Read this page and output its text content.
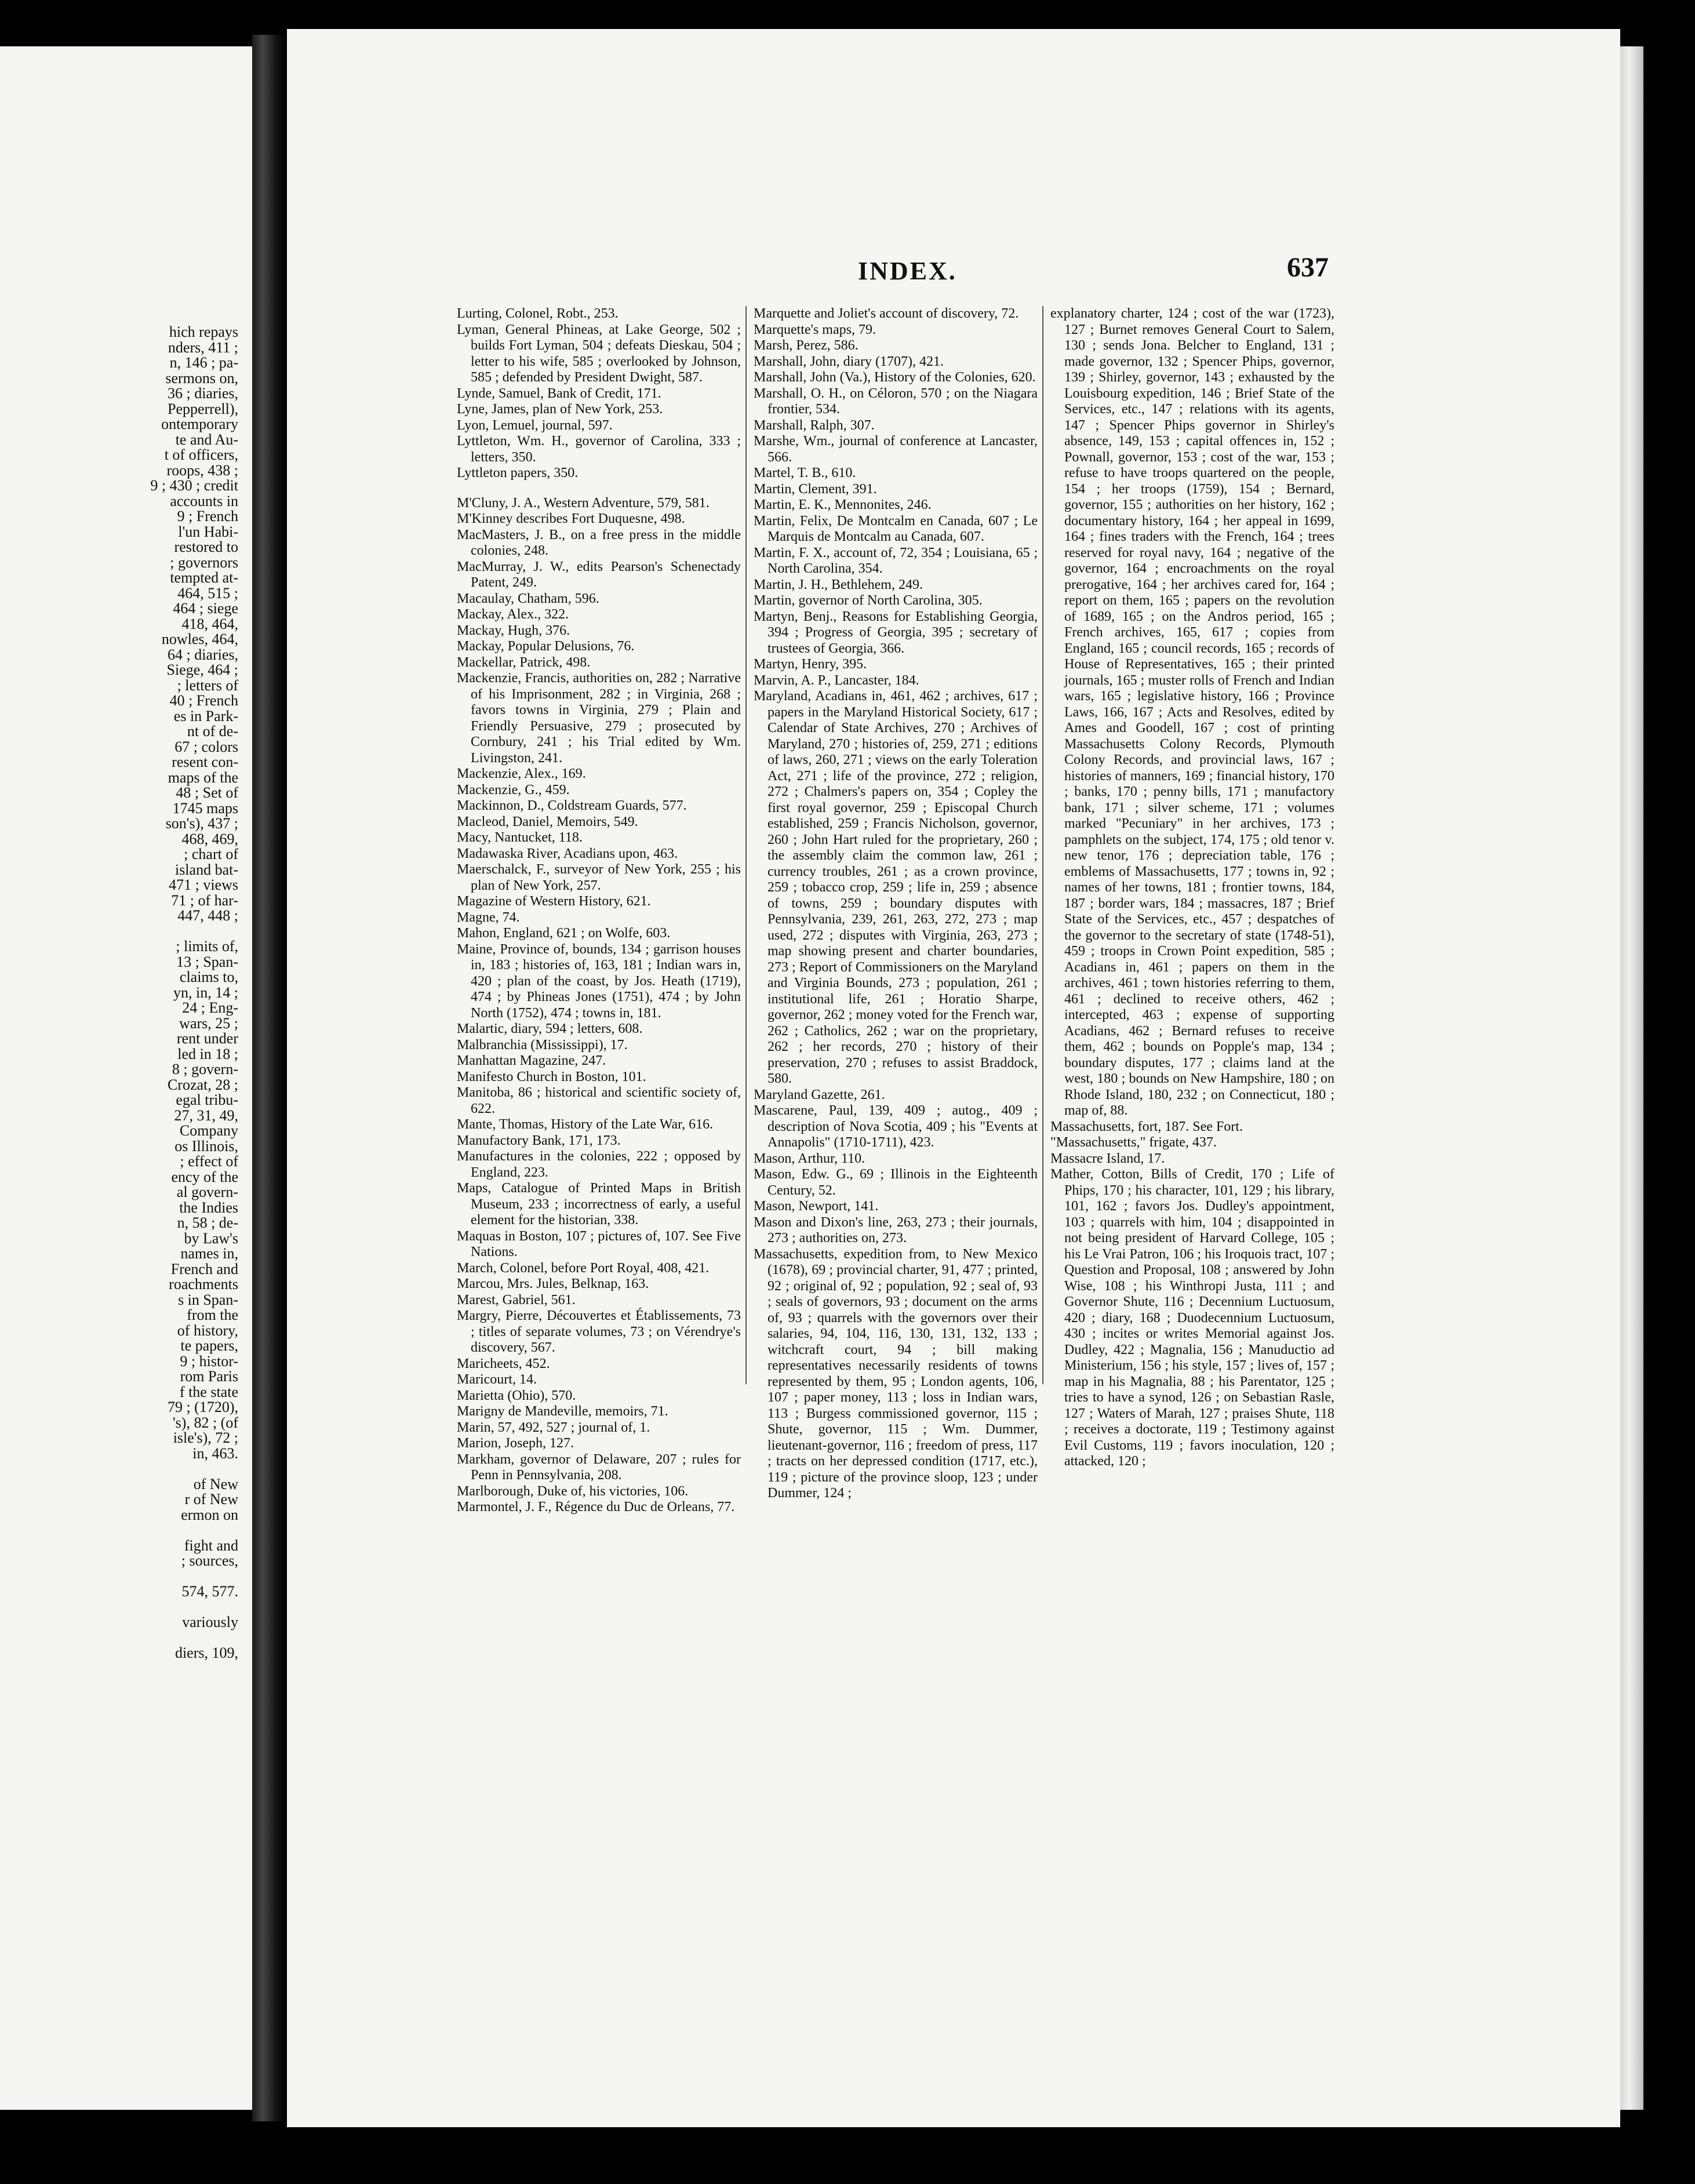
hich repays
nders, 411 ;
n, 146 ; pa-
sermons on,
36 ; diaries,
Pepperrell),
ontemporary
te and Au-
t of officers,
roops, 438 ;
9 ; 430 ; credit
accounts in
9 ; French
l'un Habi-
restored to
; governors
tempted at-
464, 515 ;
464 ; siege
418, 464,
nowles, 464,
64 ; diaries,
Siege, 464 ;
; letters of
40 ; French
es in Park-
nt of de-
67 ; colors
resent con-
maps of the
48 ; Set of
1745 maps
son's), 437 ;
468, 469,
; chart of
island bat-
471 ; views
71 ; of har-
447, 448 ;
; limits of,
13 ; Span-
claims to,
yn, in, 14 ;
24 ; Eng-
wars, 25 ;
rent under
led in 18 ;
8 ; govern-
Crozat, 28 ;
egal tribu-
27, 31, 49,
Company
os Illinois,
; effect of
ency of the
al govern-
the Indies
n, 58 ; de-
by Law's
names in,
French and
roachments
s in Span-
from the
of history,
te papers,
9 ; histor-
rom Paris
f the state
79 ; (1720),
's), 82 ; (of
isle's), 72 ;
in, 463.
of New
r of New
ermon on
fight and
; sources,
574, 577.
variously
diers, 109,
INDEX.	637

Lurting, Colonel, Robt., 253.

Lyman, General Phineas, at Lake George, 502 ; builds Fort Lyman, 504 ; defeats Dieskau, 504 ; letter to his wife, 585 ; overlooked by Johnson, 585 ; defended by President Dwight, 587.

Lynde, Samuel, Bank of Credit, 171.

Lyne, James, plan of New York, 253.

Lyon, Lemuel, journal, 597.

Lyttleton, Wm. H., governor of Carolina, 333 ; letters, 350.

Lyttleton papers, 350.

M'Cluny, J. A., Western Adventure, 579, 581.

M'Kinney describes Fort Duquesne, 498.

MacMasters, J. B., on a free press in the middle colonies, 248.

MacMurray, J. W., edits Pearson's Schenectady Patent, 249.

Macaulay, Chatham, 596.

Mackay, Alex., 322.

Mackay, Hugh, 376.

Mackay, Popular Delusions, 76.

Mackellar, Patrick, 498.

Mackenzie, Francis, authorities on, 282 ; Narrative of his Imprisonment, 282 ; in Virginia, 268 ; favors towns in Virginia, 279 ; Plain and Friendly Persuasive, 279 ; prosecuted by Cornbury, 241 ; his Trial edited by Wm. Livingston, 241.

Mackenzie, Alex., 169.

Mackenzie, G., 459.

Mackinnon, D., Coldstream Guards, 577.

Macleod, Daniel, Memoirs, 549.

Macy, Nantucket, 118.

Madawaska River, Acadians upon, 463.

Maerschalck, F., surveyor of New York, 255 ; his plan of New York, 257.

Magazine of Western History, 621.

Magne, 74.

Mahon, England, 621 ; on Wolfe, 603.

Maine, Province of, bounds, 134 ; garrison houses in, 183 ; histories of, 163, 181 ; Indian wars in, 420 ; plan of the coast, by Jos. Heath (1719), 474 ; by Phineas Jones (1751), 474 ; by John North (1752), 474 ; towns in, 181.

Malartic, diary, 594 ; letters, 608.

Malbranchia (Mississippi), 17.

Manhattan Magazine, 247.

Manifesto Church in Boston, 101.

Manitoba, 86 ; historical and scientific society of, 622.

Mante, Thomas, History of the Late War, 616.

Manufactory Bank, 171, 173.

Manufactures in the colonies, 222 ; opposed by England, 223.

Maps, Catalogue of Printed Maps in British Museum, 233 ; incorrectness of early, a useful element for the historian, 338.

Maquas in Boston, 107 ; pictures of, 107. See Five Nations.

March, Colonel, before Port Royal, 408, 421.

Marcou, Mrs. Jules, Belknap, 163.

Marest, Gabriel, 561.

Margry, Pierre, Découvertes et Établissements, 73 ; titles of separate volumes, 73 ; on Vérendrye's discovery, 567.

Maricheets, 452.

Maricourt, 14.

Marietta (Ohio), 570.

Marigny de Mandeville, memoirs, 71.

Marin, 57, 492, 527 ; journal of, 1.

Marion, Joseph, 127.

Markham, governor of Delaware, 207 ; rules for Penn in Pennsylvania, 208.

Marlborough, Duke of, his victories, 106.

Marmontel, J. F., Régence du Duc de Orleans, 77.

Marquette and Joliet's account of discovery, 72.

Marquette's maps, 79.

Marsh, Perez, 586.

Marshall, John, diary (1707), 421.

Marshall, John (Va.), History of the Colonies, 620.

Marshall, O. H., on Céloron, 570 ; on the Niagara frontier, 534.

Marshall, Ralph, 307.

Marshe, Wm., journal of conference at Lancaster, 566.

Martel, T. B., 610.

Martin, Clement, 391.

Martin, E. K., Mennonites, 246.

Martin, Felix, De Montcalm en Canada, 607 ; Le Marquis de Montcalm au Canada, 607.

Martin, F. X., account of, 72, 354 ; Louisiana, 65 ; North Carolina, 354.

Martin, J. H., Bethlehem, 249.

Martin, governor of North Carolina, 305.

Martyn, Benj., Reasons for Establishing Georgia, 394 ; Progress of Georgia, 395 ; secretary of trustees of Georgia, 366.

Martyn, Henry, 395.

Marvin, A. P., Lancaster, 184.

Maryland, Acadians in, 461, 462 ; archives, 617 ; papers in the Maryland Historical Society, 617 ; Calendar of State Archives, 270 ; Archives of Maryland, 270 ; histories of, 259, 271 ; editions of laws, 260, 271 ; views on the early Toleration Act, 271 ; life of the province, 272 ; religion, 272 ; Chalmers's papers on, 354 ; Copley the first royal governor, 259 ; Episcopal Church established, 259 ; Francis Nicholson, governor, 260 ; John Hart ruled for the proprietary, 260 ; the assembly claim the common law, 261 ; currency troubles, 261 ; as a crown province, 259 ; tobacco crop, 259 ; life in, 259 ; absence of towns, 259 ; boundary disputes with Pennsylvania, 239, 261, 263, 272, 273 ; map used, 272 ; disputes with Virginia, 263, 273 ; map showing present and charter boundaries, 273 ; Report of Commissioners on the Maryland and Virginia Bounds, 273 ; population, 261 ; institutional life, 261 ; Horatio Sharpe, governor, 262 ; money voted for the French war, 262 ; Catholics, 262 ; war on the proprietary, 262 ; her records, 270 ; history of their preservation, 270 ; refuses to assist Braddock, 580.

Maryland Gazette, 261.

Mascarene, Paul, 139, 409 ; autog., 409 ; description of Nova Scotia, 409 ; his "Events at Annapolis" (1710-1711), 423.

Mason, Arthur, 110.

Mason, Edw. G., 69 ; Illinois in the Eighteenth Century, 52.

Mason, Newport, 141.

Mason and Dixon's line, 263, 273 ; their journals, 273 ; authorities on, 273.

Massachusetts, expedition from, to New Mexico (1678), 69 ; provincial charter, 91, 477 ; printed, 92 ; original of, 92 ; population, 92 ; seal of, 93 ; seals of governors, 93 ; document on the arms of, 93 ; quarrels with the governors over their salaries, 94, 104, 116, 130, 131, 132, 133 ; witchcraft court, 94 ; bill making representatives necessarily residents of towns represented by them, 95 ; London agents, 106, 107 ; paper money, 113 ; loss in Indian wars, 113 ; Burgess commissioned governor, 115 ; Shute, governor, 115 ; Wm. Dummer, lieutenant-governor, 116 ; freedom of press, 117 ; tracts on her depressed condition (1717, etc.), 119 ; picture of the province sloop, 123 ; under Dummer, 124 ;

explanatory charter, 124 ; cost of the war (1723), 127 ; Burnet removes General Court to Salem, 130 ; sends Jona. Belcher to England, 131 ; made governor, 132 ; Spencer Phips, governor, 139 ; Shirley, governor, 143 ; exhausted by the Louisbourg expedition, 146 ; Brief State of the Services, etc., 147 ; relations with its agents, 147 ; Spencer Phips governor in Shirley's absence, 149, 153 ; capital offences in, 152 ; Pownall, governor, 153 ; cost of the war, 153 ; refuse to have troops quartered on the people, 154 ; her troops (1759), 154 ; Bernard, governor, 155 ; authorities on her history, 162 ; documentary history, 164 ; her appeal in 1699, 164 ; fines traders with the French, 164 ; trees reserved for royal navy, 164 ; negative of the governor, 164 ; encroachments on the royal prerogative, 164 ; her archives cared for, 164 ; report on them, 165 ; papers on the revolution of 1689, 165 ; on the Andros period, 165 ; French archives, 165, 617 ; copies from England, 165 ; council records, 165 ; records of House of Representatives, 165 ; their printed journals, 165 ; muster rolls of French and Indian wars, 165 ; legislative history, 166 ; Province Laws, 166, 167 ; Acts and Resolves, edited by Ames and Goodell, 167 ; cost of printing Massachusetts Colony Records, Plymouth Colony Records, and provincial laws, 167 ; histories of manners, 169 ; financial history, 170 ; banks, 170 ; penny bills, 171 ; manufactory bank, 171 ; silver scheme, 171 ; volumes marked "Pecuniary" in her archives, 173 ; pamphlets on the subject, 174, 175 ; old tenor v. new tenor, 176 ; depreciation table, 176 ; emblems of Massachusetts, 177 ; towns in, 92 ; names of her towns, 181 ; frontier towns, 184, 187 ; border wars, 184 ; massacres, 187 ; Brief State of the Services, etc., 457 ; despatches of the governor to the secretary of state (1748-51), 459 ; troops in Crown Point expedition, 585 ; Acadians in, 461 ; papers on them in the archives, 461 ; town histories referring to them, 461 ; declined to receive others, 462 ; intercepted, 463 ; expense of supporting Acadians, 462 ; Bernard refuses to receive them, 462 ; bounds on Popple's map, 134 ; boundary disputes, 177 ; claims land at the west, 180 ; bounds on New Hampshire, 180 ; on Rhode Island, 180, 232 ; on Connecticut, 180 ; map of, 88.

Massachusetts, fort, 187. See Fort.

"Massachusetts," frigate, 437.

Massacre Island, 17.

Mather, Cotton, Bills of Credit, 170 ; Life of Phips, 170 ; his character, 101, 129 ; his library, 101, 162 ; favors Jos. Dudley's appointment, 103 ; quarrels with him, 104 ; disappointed in not being president of Harvard College, 105 ; his Le Vrai Patron, 106 ; his Iroquois tract, 107 ; Question and Proposal, 108 ; answered by John Wise, 108 ; his Winthropi Justa, 111 ; and Governor Shute, 116 ; Decennium Luctuosum, 420 ; diary, 168 ; Duodecennium Luctuosum, 430 ; incites or writes Memorial against Jos. Dudley, 422 ; Magnalia, 156 ; Manuductio ad Ministerium, 156 ; his style, 157 ; lives of, 157 ; map in his Magnalia, 88 ; his Parentator, 125 ; tries to have a synod, 126 ; on Sebastian Rasle, 127 ; Waters of Marah, 127 ; praises Shute, 118 ; receives a doctorate, 119 ; Testimony against Evil Customs, 119 ; favors inoculation, 120 ; attacked, 120 ;
